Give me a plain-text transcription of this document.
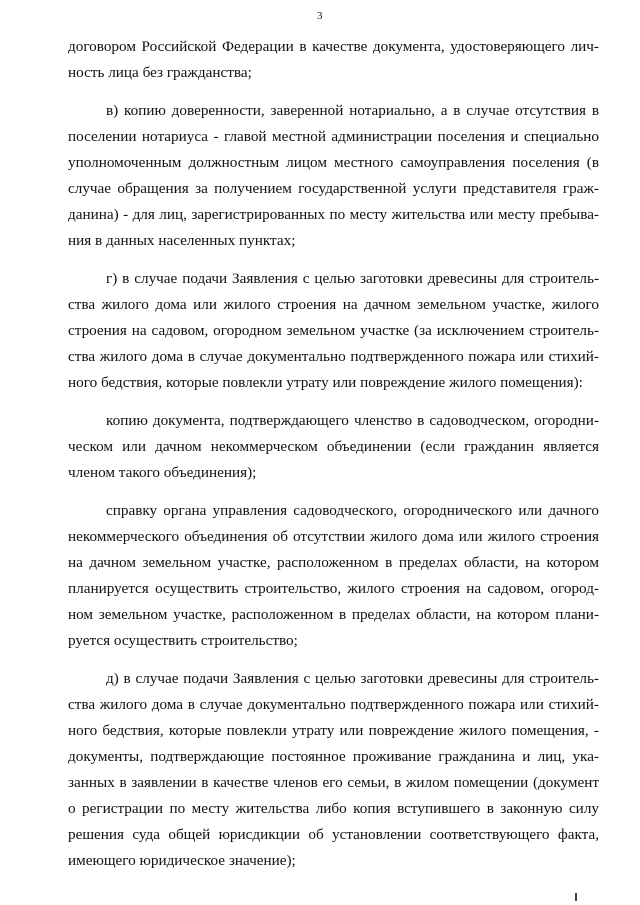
3
договором Российской Федерации в качестве документа, удостоверяющего лич-
ность лица без гражданства;
в) копию доверенности, заверенной нотариально, а в случае отсутствия в
поселении нотариуса - главой местной администрации поселения и специально
уполномоченным должностным лицом местного самоуправления поселения (в
случае обращения за получением государственной услуги представителя граж-
данина) - для лиц, зарегистрированных по месту жительства или месту пребыва-
ния в данных населенных пунктах;
г) в случае подачи Заявления с целью заготовки древесины для строитель-
ства жилого дома или жилого строения на дачном земельном участке, жилого
строения на садовом, огородном земельном участке (за исключением строитель-
ства жилого дома в случае документально подтвержденного пожара или стихий-
ного бедствия, которые повлекли утрату или повреждение жилого помещения):
копию документа, подтверждающего членство в садоводческом, огородни-
ческом или дачном некоммерческом объединении (если гражданин является
членом такого объединения);
справку органа управления садоводческого, огороднического или дачного
некоммерческого объединения об отсутствии жилого дома или жилого строения
на дачном земельном участке, расположенном в пределах области, на котором
планируется осуществить строительство, жилого строения на садовом, огород-
ном земельном участке, расположенном в пределах области, на котором плани-
руется осуществить строительство;
д) в случае подачи Заявления с целью заготовки древесины для строитель-
ства жилого дома в случае документально подтвержденного пожара или стихий-
ного бедствия, которые повлекли утрату или повреждение жилого помещения, -
документы, подтверждающие постоянное проживание гражданина и лиц, ука-
занных в заявлении в качестве членов его семьи, в жилом помещении (документ
о регистрации по месту жительства либо копия вступившего в законную силу
решения суда общей юрисдикции об установлении соответствующего факта,
имеющего юридическое значение);
